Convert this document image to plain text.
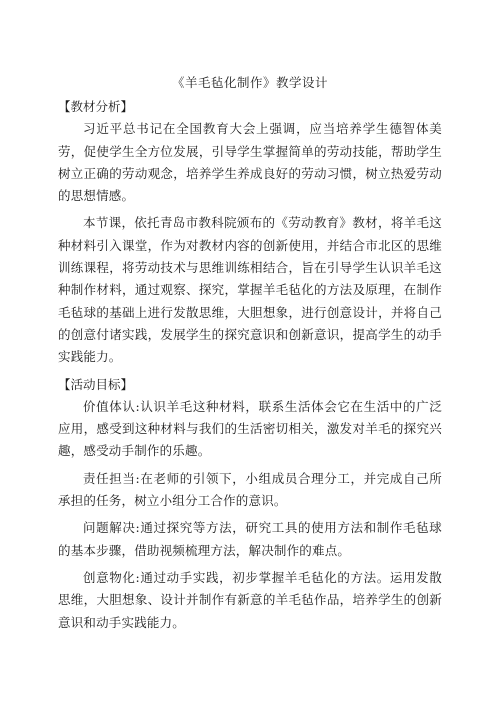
《羊毛毡化制作》教学设计

【教材分析】

习近平总书记在全国教育大会上强调，应当培养学生德智体美劳，促使学生全方位发展，引导学生掌握简单的劳动技能，帮助学生树立正确的劳动观念，培养学生养成良好的劳动习惯，树立热爱劳动的思想情感。

本节课，依托青岛市教科院颁布的《劳动教育》教材，将羊毛这种材料引入课堂，作为对教材内容的创新使用，并结合市北区的思维训练课程，将劳动技术与思维训练相结合，旨在引导学生认识羊毛这种制作材料，通过观察、探究，掌握羊毛毡化的方法及原理，在制作毛毡球的基础上进行发散思维，大胆想象，进行创意设计，并将自己的创意付诸实践，发展学生的探究意识和创新意识，提高学生的动手实践能力。

【活动目标】

价值体认:认识羊毛这种材料，联系生活体会它在生活中的广泛应用，感受到这种材料与我们的生活密切相关，激发对羊毛的探究兴趣，感受动手制作的乐趣。

责任担当:在老师的引领下，小组成员合理分工，并完成自己所承担的任务，树立小组分工合作的意识。

问题解决:通过探究等方法，研究工具的使用方法和制作毛毡球的基本步骤，借助视频梳理方法，解决制作的难点。

创意物化:通过动手实践，初步掌握羊毛毡化的方法。运用发散思维，大胆想象、设计并制作有新意的羊毛毡作品，培养学生的创新意识和动手实践能力。
